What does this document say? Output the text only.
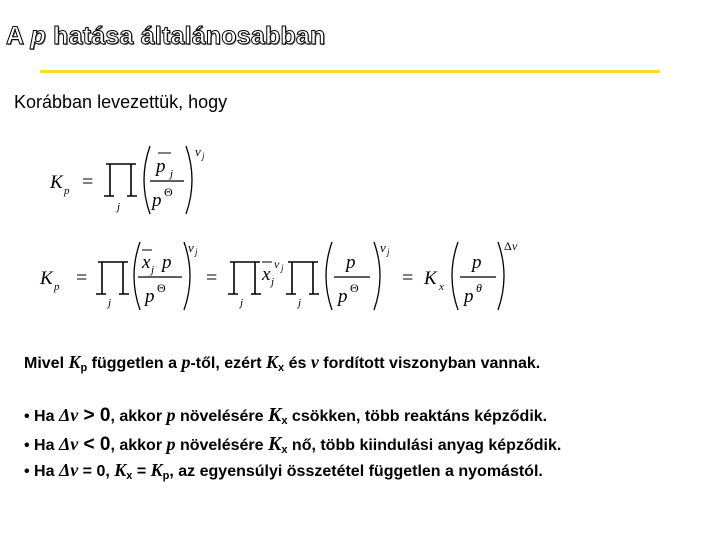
A p hatása általánosabban
Korábban levezettük, hogy
K p =
j
p j
p Θ
ν j
K p =
j
x j p
p Θ
ν j
=
j
x j
ν j
j
p
p Θ
ν j
= K x
p
p θ
Δ ν
Mivel Kp független a p-től, ezért Kx és ν fordított viszonyban vannak.
• Ha Δν > 0, akkor p növelésére Kx csökken, több reaktáns képződik.
• Ha Δν < 0, akkor p növelésére Kx nő, több kiindulási anyag képződik.
• Ha Δν = 0, Kx = Kp, az egyensúlyi összetétel független a nyomástól.
